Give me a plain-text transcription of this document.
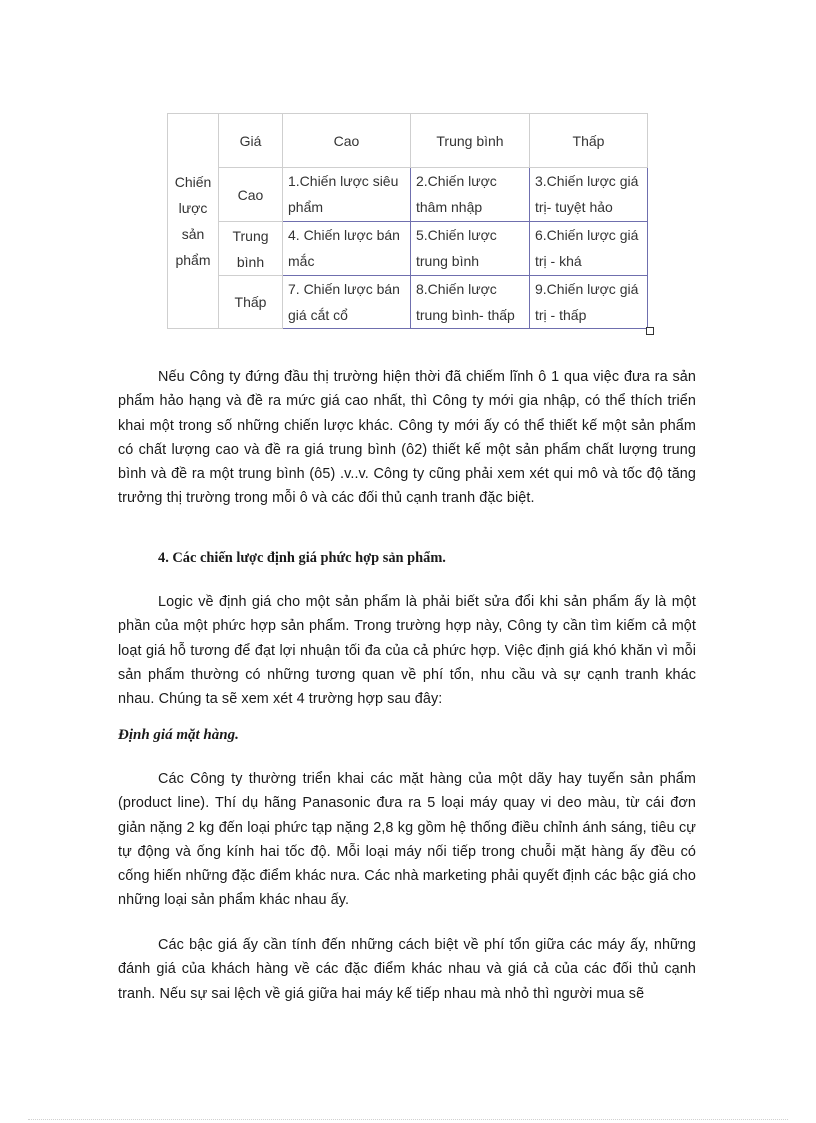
Chiến lược sản phẩm	Giá	Cao	Trung bình	Thấp
	Cao	1.Chiến lược siêu phẩm	2.Chiến lược thâm nhập	3.Chiến lược giá trị- tuyệt hảo
	Trung bình	4. Chiến lược bán mắc	5.Chiến lược trung bình	6.Chiến lược giá trị - khá
	Thấp	7. Chiến lược bán giá cắt cổ	8.Chiến lược trung bình- thấp	9.Chiến lược giá trị - thấp

Nếu Công ty đứng đầu thị trường hiện thời đã chiếm lĩnh ô 1 qua việc đưa ra sản phẩm hảo hạng và đề ra mức giá cao nhất, thì Công ty mới gia nhập, có thể thích triển khai một trong số những chiến lược khác. Công ty mới ấy có thể thiết kế một sản phẩm có chất lượng cao và đề ra giá trung bình (ô2) thiết kế một sản phẩm chất lượng trung bình và đề ra một trung bình (ô5) .v..v. Công ty cũng phải xem xét qui mô và tốc độ tăng trưởng thị trường trong mỗi ô và các đối thủ cạnh tranh đặc biệt.

4. Các chiến lược định giá phức hợp sản phẩm.

Logic về định giá cho một sản phẩm là phải biết sửa đổi khi sản phẩm ấy là một phần của một phức hợp sản phẩm. Trong trường hợp này, Công ty cần tìm kiếm cả một loạt giá hỗ tương để đạt lợi nhuận tối đa của cả phức hợp. Việc định giá khó khăn vì mỗi sản phẩm thường có những tương quan về phí tổn, nhu cầu và sự cạnh tranh khác nhau. Chúng ta sẽ xem xét 4 trường hợp sau đây:

Định giá mặt hàng.

Các Công ty thường triển khai các mặt hàng của một dãy hay tuyến sản phẩm (product line). Thí dụ hãng Panasonic đưa ra 5 loại máy quay vi deo màu, từ cái đơn giản nặng 2 kg đến loại phức tạp nặng 2,8 kg gồm hệ thống điều chỉnh ánh sáng, tiêu cự tự động và ống kính hai tốc độ. Mỗi loại máy nối tiếp trong chuỗi mặt hàng ấy đều có cống hiến những đặc điểm khác nưa. Các nhà marketing phải quyết định các bậc giá cho những loại sản phẩm khác nhau ấy.

Các bậc giá ấy cần tính đến những cách biệt về phí tổn giữa các máy ấy, những đánh giá của khách hàng về các đặc điểm khác nhau và giá cả của các đối thủ cạnh tranh. Nếu sự sai lệch về giá giữa hai máy kế tiếp nhau mà nhỏ thì người mua sẽ
